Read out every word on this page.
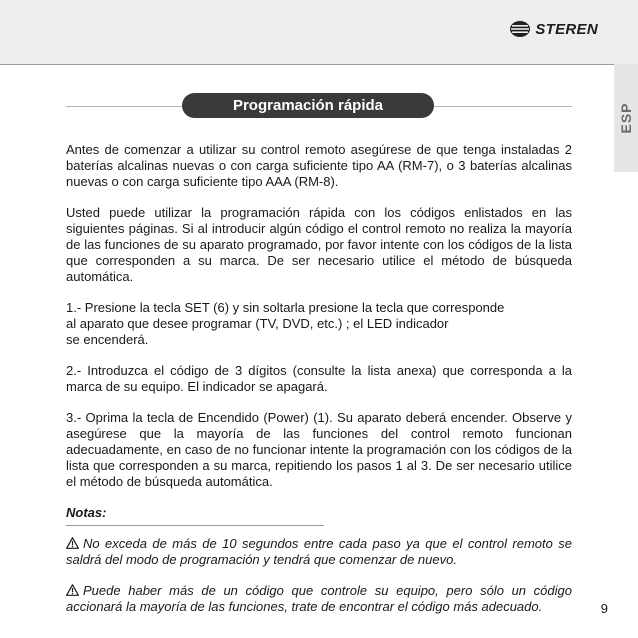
STEREN
ESP
Programación rápida

Antes de comenzar a utilizar su control remoto asegúrese de que tenga instaladas 2 baterías alcalinas nuevas o con carga suficiente tipo AA (RM-7), o 3 baterías alcalinas nuevas o con carga suficiente tipo AAA (RM-8).

Usted puede utilizar la programación rápida con los códigos enlistados en las siguientes páginas. Si al introducir algún código el control remoto no realiza la mayoría de las funciones de su aparato programado, por favor intente con los códigos de la lista que corresponden a su marca. De ser necesario utilice el método de búsqueda automática.

1.- Presione la tecla SET (6) y sin soltarla presione la tecla que corresponde
al aparato que desee programar (TV, DVD, etc.) ; el LED indicador
se encenderá.

2.- Introduzca el código de 3 dígitos (consulte la lista anexa) que corresponda a la marca de su equipo. El indicador se apagará.

3.- Oprima la tecla de Encendido (Power) (1). Su aparato deberá encender. Observe y asegúrese que la mayoría de las funciones del control remoto funcionan adecuadamente, en caso de no funcionar intente la programación con los códigos de la lista que corresponden a su marca, repitiendo los pasos 1 al 3. De ser necesario utilice el método de búsqueda automática.

Notas:

No exceda de más de 10 segundos entre cada paso ya que el control remoto se saldrá del modo de programación y tendrá que comenzar de nuevo.

Puede haber más de un código que controle su equipo, pero sólo un código accionará la mayoría de las funciones, trate de encontrar el código más adecuado.	9
